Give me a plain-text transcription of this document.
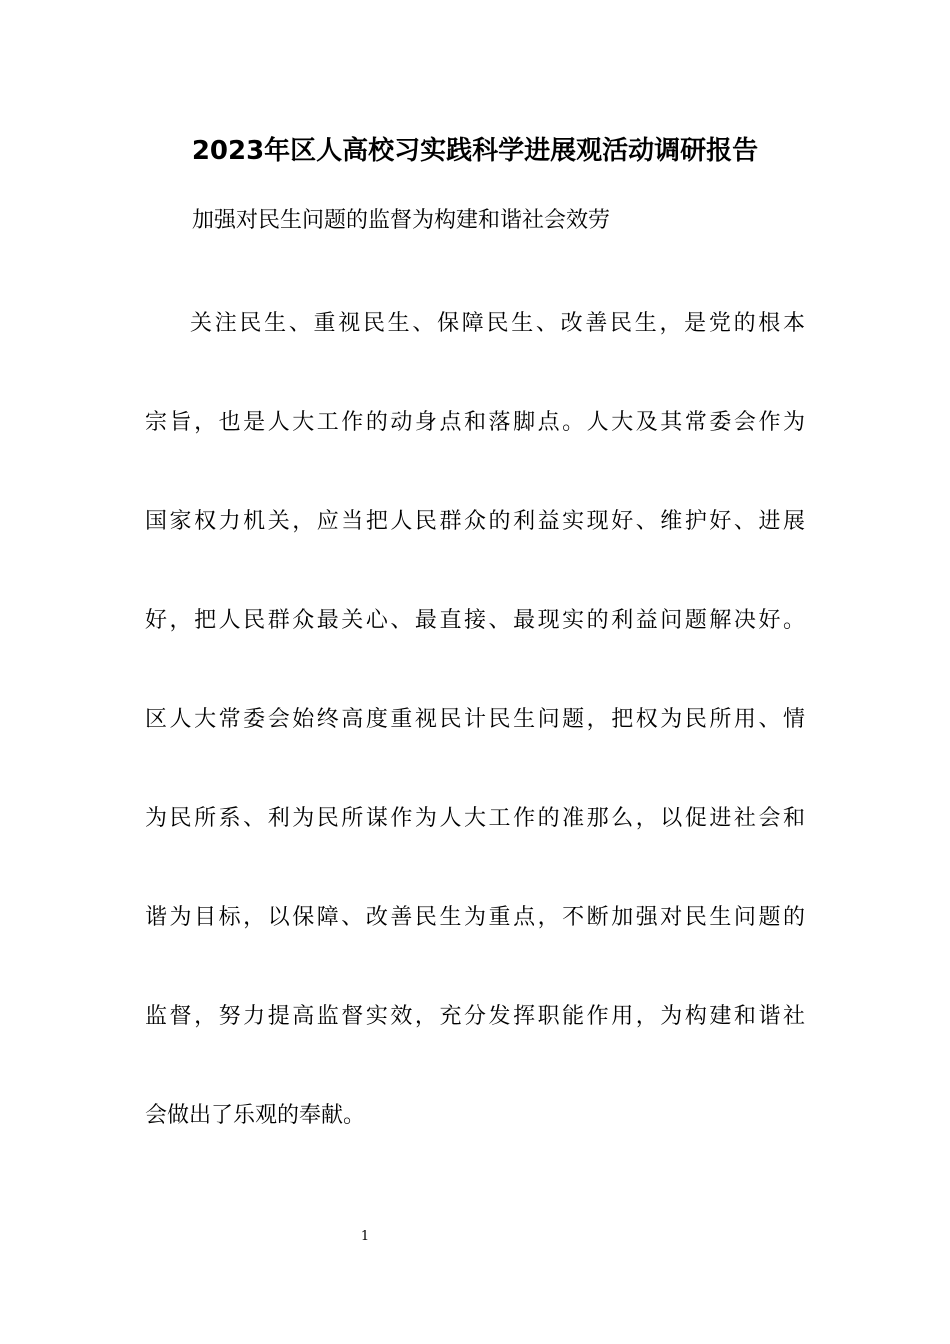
2023年区人高校习实践科学进展观活动调研报告
加强对民生问题的监督为构建和谐社会效劳
关注民生、重视民生、保障民生、改善民生，是党的根本
宗旨，也是人大工作的动身点和落脚点。人大及其常委会作为
国家权力机关，应当把人民群众的利益实现好、维护好、进展
好，把人民群众最关心、最直接、最现实的利益问题解决好。
区人大常委会始终高度重视民计民生问题，把权为民所用、情
为民所系、利为民所谋作为人大工作的准那么，以促进社会和
谐为目标，以保障、改善民生为重点，不断加强对民生问题的
监督，努力提高监督实效，充分发挥职能作用，为构建和谐社
会做出了乐观的奉献。
1
